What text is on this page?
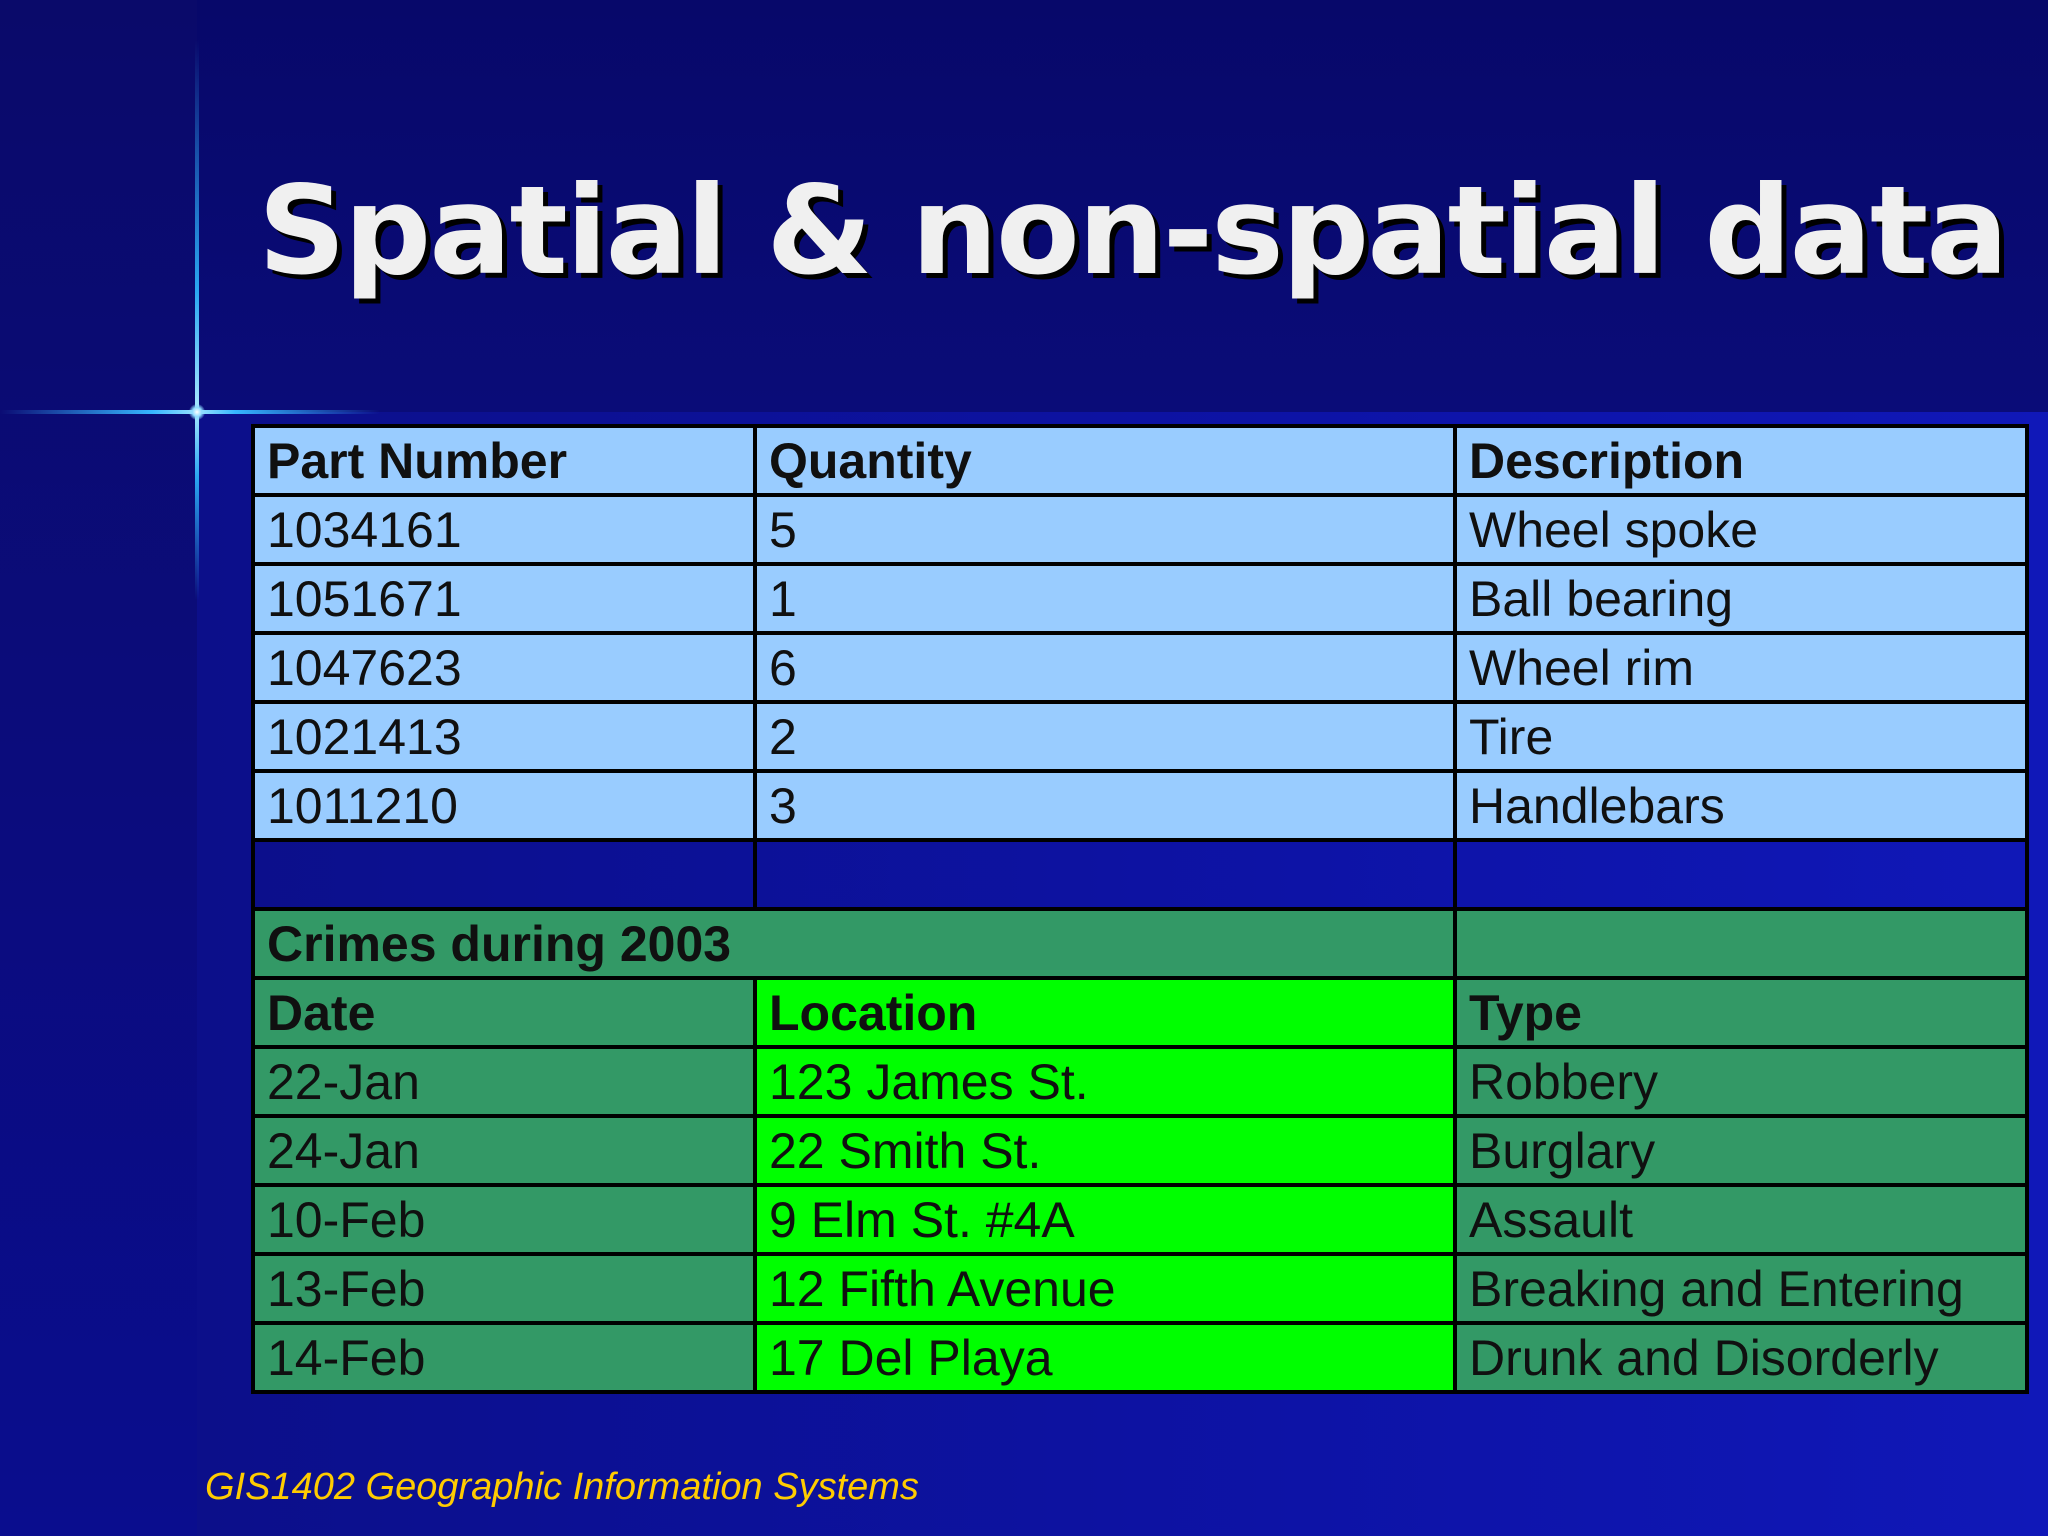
Spatial & non-spatial data
Part Number	Quantity	Description
1034161	5	Wheel spoke
1051671	1	Ball bearing
1047623	6	Wheel rim
1021413	2	Tire
1011210	3	Handlebars

Crimes during 2003		
Date	Location	Type
22-Jan	123 James St.	Robbery
24-Jan	22 Smith St.	Burglary
10-Feb	9 Elm St. #4A	Assault
13-Feb	12 Fifth Avenue	Breaking and Entering
14-Feb	17 Del Playa	Drunk and Disorderly
GIS1402 Geographic Information Systems
